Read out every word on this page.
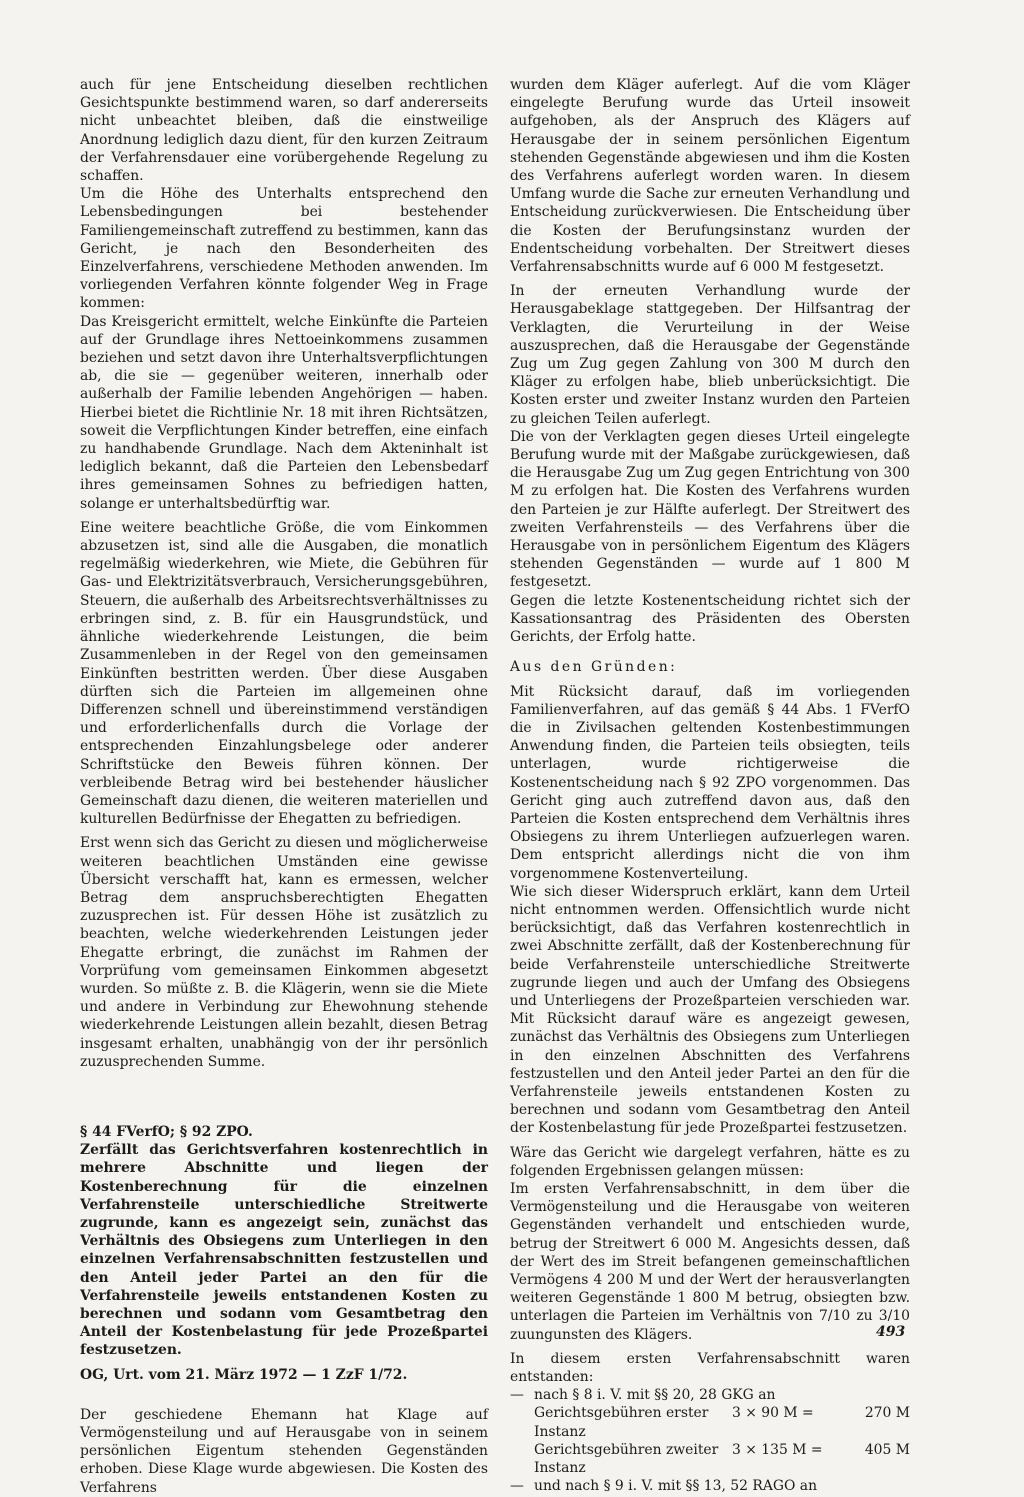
auch für jene Entscheidung dieselben rechtlichen Gesichtspunkte bestimmend waren, so darf andererseits nicht unbeachtet bleiben, daß die einstweilige Anordnung lediglich dazu dient, für den kurzen Zeitraum der Verfahrensdauer eine vorübergehende Regelung zu schaffen.

Um die Höhe des Unterhalts entsprechend den Lebensbedingungen bei bestehender Familiengemeinschaft zutreffend zu bestimmen, kann das Gericht, je nach den Besonderheiten des Einzelverfahrens, verschiedene Methoden anwenden. Im vorliegenden Verfahren könnte folgender Weg in Frage kommen:

Das Kreisgericht ermittelt, welche Einkünfte die Parteien auf der Grundlage ihres Nettoeinkommens zusammen beziehen und setzt davon ihre Unterhaltsverpflichtungen ab, die sie — gegenüber weiteren, innerhalb oder außerhalb der Familie lebenden Angehörigen — haben. Hierbei bietet die Richtlinie Nr. 18 mit ihren Richtsätzen, soweit die Verpflichtungen Kinder betreffen, eine einfach zu handhabende Grundlage. Nach dem Akteninhalt ist lediglich bekannt, daß die Parteien den Lebensbedarf ihres gemeinsamen Sohnes zu befriedigen hatten, solange er unterhaltsbedürftig war.

Eine weitere beachtliche Größe, die vom Einkommen abzusetzen ist, sind alle die Ausgaben, die monatlich regelmäßig wiederkehren, wie Miete, die Gebühren für Gas- und Elektrizitätsverbrauch, Versicherungsgebühren, Steuern, die außerhalb des Arbeitsrechtsverhältnisses zu erbringen sind, z. B. für ein Hausgrundstück, und ähnliche wiederkehrende Leistungen, die beim Zusammenleben in der Regel von den gemeinsamen Einkünften bestritten werden. Über diese Ausgaben dürften sich die Parteien im allgemeinen ohne Differenzen schnell und übereinstimmend verständigen und erforderlichenfalls durch die Vorlage der entsprechenden Einzahlungsbelege oder anderer Schriftstücke den Beweis führen können. Der verbleibende Betrag wird bei bestehender häuslicher Gemeinschaft dazu dienen, die weiteren materiellen und kulturellen Bedürfnisse der Ehegatten zu befriedigen.

Erst wenn sich das Gericht zu diesen und möglicherweise weiteren beachtlichen Umständen eine gewisse Übersicht verschafft hat, kann es ermessen, welcher Betrag dem anspruchsberechtigten Ehegatten zuzusprechen ist. Für dessen Höhe ist zusätzlich zu beachten, welche wiederkehrenden Leistungen jeder Ehegatte erbringt, die zunächst im Rahmen der Vorprüfung vom gemeinsamen Einkommen abgesetzt wurden. So müßte z. B. die Klägerin, wenn sie die Miete und andere in Verbindung zur Ehewohnung stehende wiederkehrende Leistungen allein bezahlt, diesen Betrag insgesamt erhalten, unabhängig von der ihr persönlich zuzusprechenden Summe.

§ 44 FVerfO; § 92 ZPO.

Zerfällt das Gerichtsverfahren kostenrechtlich in mehrere Abschnitte und liegen der Kostenberechnung für die einzelnen Verfahrensteile unterschiedliche Streitwerte zugrunde, kann es angezeigt sein, zunächst das Verhältnis des Obsiegens zum Unterliegen in den einzelnen Verfahrensabschnitten festzustellen und den Anteil jeder Partei an den für die Verfahrensteile jeweils entstandenen Kosten zu berechnen und sodann vom Gesamtbetrag den Anteil der Kostenbelastung für jede Prozeßpartei festzusetzen.

OG, Urt. vom 21. März 1972 — 1 ZzF 1/72.

Der geschiedene Ehemann hat Klage auf Vermögensteilung und auf Herausgabe von in seinem persönlichen Eigentum stehenden Gegenständen erhoben. Diese Klage wurde abgewiesen. Die Kosten des Verfahrens

wurden dem Kläger auferlegt. Auf die vom Kläger eingelegte Berufung wurde das Urteil insoweit aufgehoben, als der Anspruch des Klägers auf Herausgabe der in seinem persönlichen Eigentum stehenden Gegenstände abgewiesen und ihm die Kosten des Verfahrens auferlegt worden waren. In diesem Umfang wurde die Sache zur erneuten Verhandlung und Entscheidung zurückverwiesen. Die Entscheidung über die Kosten der Berufungsinstanz wurden der Endentscheidung vorbehalten. Der Streitwert dieses Verfahrensabschnitts wurde auf 6 000 M festgesetzt.

In der erneuten Verhandlung wurde der Herausgabeklage stattgegeben. Der Hilfsantrag der Verklagten, die Verurteilung in der Weise auszusprechen, daß die Herausgabe der Gegenstände Zug um Zug gegen Zahlung von 300 M durch den Kläger zu erfolgen habe, blieb unberücksichtigt. Die Kosten erster und zweiter Instanz wurden den Parteien zu gleichen Teilen auferlegt.

Die von der Verklagten gegen dieses Urteil eingelegte Berufung wurde mit der Maßgabe zurückgewiesen, daß die Herausgabe Zug um Zug gegen Entrichtung von 300 M zu erfolgen hat. Die Kosten des Verfahrens wurden den Parteien je zur Hälfte auferlegt. Der Streitwert des zweiten Verfahrensteils — des Verfahrens über die Herausgabe von in persönlichem Eigentum des Klägers stehenden Gegenständen — wurde auf 1 800 M festgesetzt.

Gegen die letzte Kostenentscheidung richtet sich der Kassationsantrag des Präsidenten des Obersten Gerichts, der Erfolg hatte.

Aus den Gründen:

Mit Rücksicht darauf, daß im vorliegenden Familienverfahren, auf das gemäß § 44 Abs. 1 FVerfO die in Zivilsachen geltenden Kostenbestimmungen Anwendung finden, die Parteien teils obsiegten, teils unterlagen, wurde richtigerweise die Kostenentscheidung nach § 92 ZPO vorgenommen. Das Gericht ging auch zutreffend davon aus, daß den Parteien die Kosten entsprechend dem Verhältnis ihres Obsiegens zu ihrem Unterliegen aufzuerlegen waren. Dem entspricht allerdings nicht die von ihm vorgenommene Kostenverteilung.

Wie sich dieser Widerspruch erklärt, kann dem Urteil nicht entnommen werden. Offensichtlich wurde nicht berücksichtigt, daß das Verfahren kostenrechtlich in zwei Abschnitte zerfällt, daß der Kostenberechnung für beide Verfahrensteile unterschiedliche Streitwerte zugrunde liegen und auch der Umfang des Obsiegens und Unterliegens der Prozeßparteien verschieden war. Mit Rücksicht darauf wäre es angezeigt gewesen, zunächst das Verhältnis des Obsiegens zum Unterliegen in den einzelnen Abschnitten des Verfahrens festzustellen und den Anteil jeder Partei an den für die Verfahrensteile jeweils entstandenen Kosten zu berechnen und sodann vom Gesamtbetrag den Anteil der Kostenbelastung für jede Prozeßpartei festzusetzen.

Wäre das Gericht wie dargelegt verfahren, hätte es zu folgenden Ergebnissen gelangen müssen:

Im ersten Verfahrensabschnitt, in dem über die Vermögensteilung und die Herausgabe von weiteren Gegenständen verhandelt und entschieden wurde, betrug der Streitwert 6 000 M. Angesichts dessen, daß der Wert des im Streit befangenen gemeinschaftlichen Vermögens 4 200 M und der Wert der herausverlangten weiteren Gegenstände 1 800 M betrug, obsiegten bzw. unterlagen die Parteien im Verhältnis von 7/10 zu 3/10 zuungunsten des Klägers.

In diesem ersten Verfahrensabschnitt waren entstanden:

— nach § 8 i. V. mit §§ 20, 28 GKG an
Gerichtsgebühren erster Instanz
3 × 90 M =	270 M
Gerichtsgebühren zweiter Instanz
3 × 135 M =	405 M
— und nach § 9 i. V. mit §§ 13, 52 RAGO an
493
